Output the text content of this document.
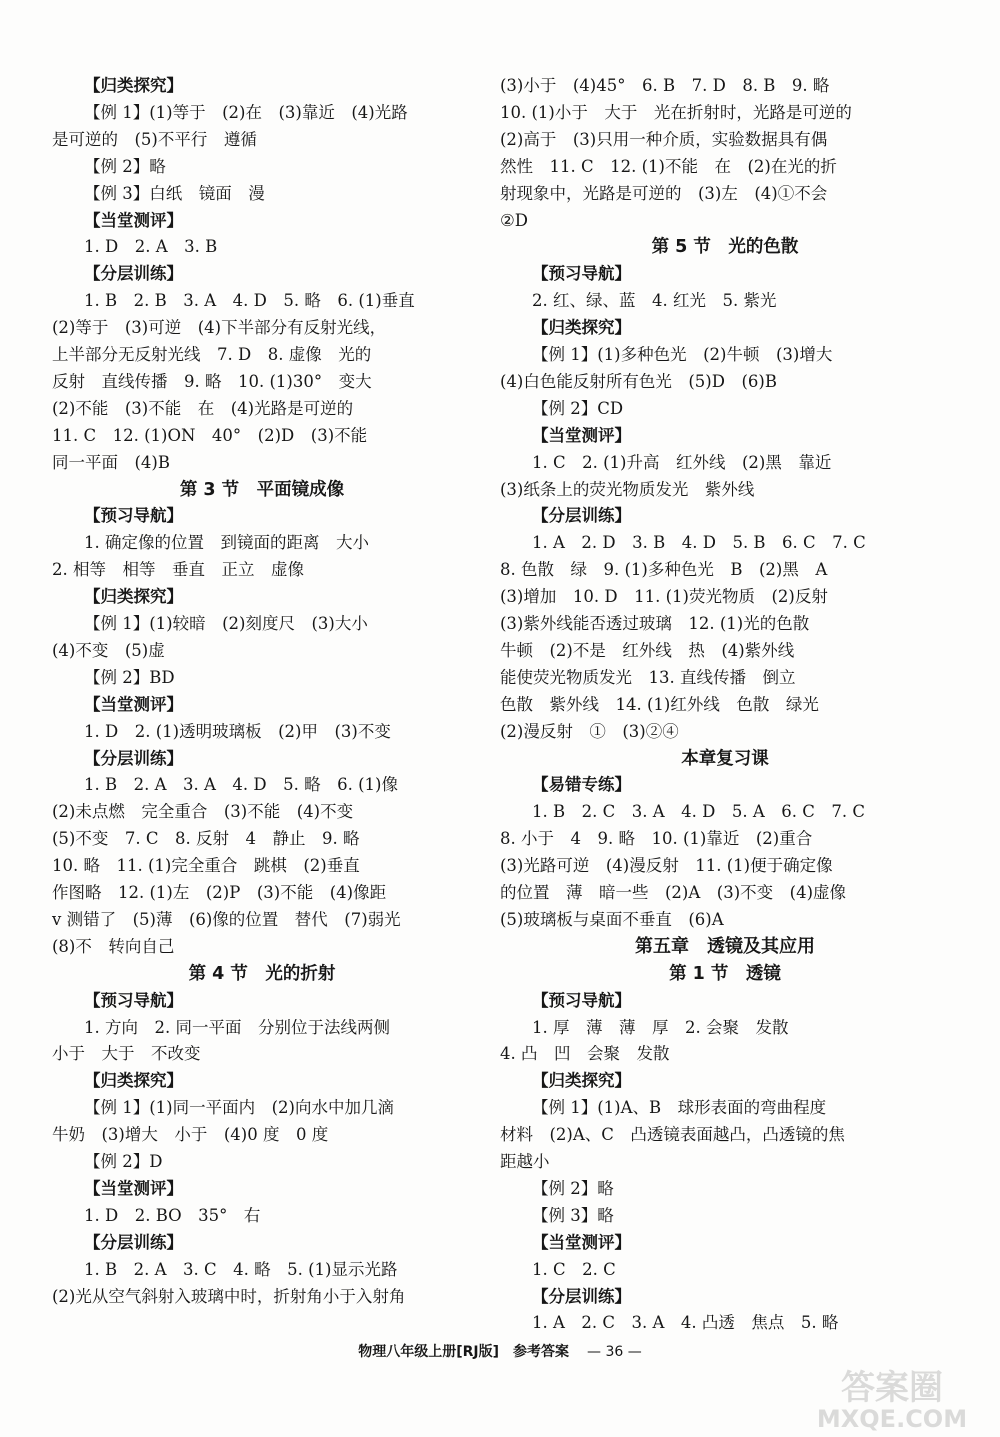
【归类探究】
【例 1】(1)等于　(2)在　(3)靠近　(4)光路
是可逆的　(5)不平行　遵循
【例 2】略
【例 3】白纸　镜面　漫
【当堂测评】
1. D　2. A　3. B
【分层训练】
1. B　2. B　3. A　4. D　5. 略　6. (1)垂直
(2)等于　(3)可逆　(4)下半部分有反射光线，
上半部分无反射光线　7. D　8. 虚像　光的
反射　直线传播　9. 略　10. (1)30°　变大
(2)不能　(3)不能　在　(4)光路是可逆的
11. C　12. (1)ON　40°　(2)D　(3)不能
同一平面　(4)B
第 3 节　平面镜成像
【预习导航】
1. 确定像的位置　到镜面的距离　大小
2. 相等　相等　垂直　正立　虚像
【归类探究】
【例 1】(1)较暗　(2)刻度尺　(3)大小
(4)不变　(5)虚
【例 2】BD
【当堂测评】
1. D　2. (1)透明玻璃板　(2)甲　(3)不变
【分层训练】
1. B　2. A　3. A　4. D　5. 略　6. (1)像
(2)未点燃　完全重合　(3)不能　(4)不变
(5)不变　7. C　8. 反射　4　静止　9. 略
10. 略　11. (1)完全重合　跳棋　(2)垂直
作图略　12. (1)左　(2)P　(3)不能　(4)像距
v 测错了　(5)薄　(6)像的位置　替代　(7)弱光
(8)不　转向自己
第 4 节　光的折射
【预习导航】
1. 方向　2. 同一平面　分别位于法线两侧
小于　大于　不改变
【归类探究】
【例 1】(1)同一平面内　(2)向水中加几滴
牛奶　(3)增大　小于　(4)0 度　0 度
【例 2】D
【当堂测评】
1. D　2. BO　35°　右
【分层训练】
1. B　2. A　3. C　4. 略　5. (1)显示光路
(2)光从空气斜射入玻璃中时，折射角小于入射角
(3)小于　(4)45°　6. B　7. D　8. B　9. 略
10. (1)小于　大于　光在折射时，光路是可逆的
(2)高于　(3)只用一种介质，实验数据具有偶
然性　11. C　12. (1)不能　在　(2)在光的折
射现象中，光路是可逆的　(3)左　(4)①不会
②D
第 5 节　光的色散
【预习导航】
2. 红、绿、蓝　4. 红光　5. 紫光
【归类探究】
【例 1】(1)多种色光　(2)牛顿　(3)增大
(4)白色能反射所有色光　(5)D　(6)B
【例 2】CD
【当堂测评】
1. C　2. (1)升高　红外线　(2)黑　靠近
(3)纸条上的荧光物质发光　紫外线
【分层训练】
1. A　2. D　3. B　4. D　5. B　6. C　7. C
8. 色散　绿　9. (1)多种色光　B　(2)黑　A
(3)增加　10. D　11. (1)荧光物质　(2)反射
(3)紫外线能否透过玻璃　12. (1)光的色散
牛顿　(2)不是　红外线　热　(4)紫外线
能使荧光物质发光　13. 直线传播　倒立
色散　紫外线　14. (1)红外线　色散　绿光
(2)漫反射　①　(3)②④
本章复习课
【易错专练】
1. B　2. C　3. A　4. D　5. A　6. C　7. C
8. 小于　4　9. 略　10. (1)靠近　(2)重合
(3)光路可逆　(4)漫反射　11. (1)便于确定像
的位置　薄　暗一些　(2)A　(3)不变　(4)虚像
(5)玻璃板与桌面不垂直　(6)A
第五章　透镜及其应用
第 1 节　透镜
【预习导航】
1. 厚　薄　薄　厚　2. 会聚　发散
4. 凸　凹　会聚　发散
【归类探究】
【例 1】(1)A、B　球形表面的弯曲程度
材料　(2)A、C　凸透镜表面越凸，凸透镜的焦
距越小
【例 2】略
【例 3】略
【当堂测评】
1. C　2. C
【分层训练】
1. A　2. C　3. A　4. 凸透　焦点　5. 略
物理八年级上册[RJ版]　参考答案 — 36 —
答案圈
MXQE.COM
